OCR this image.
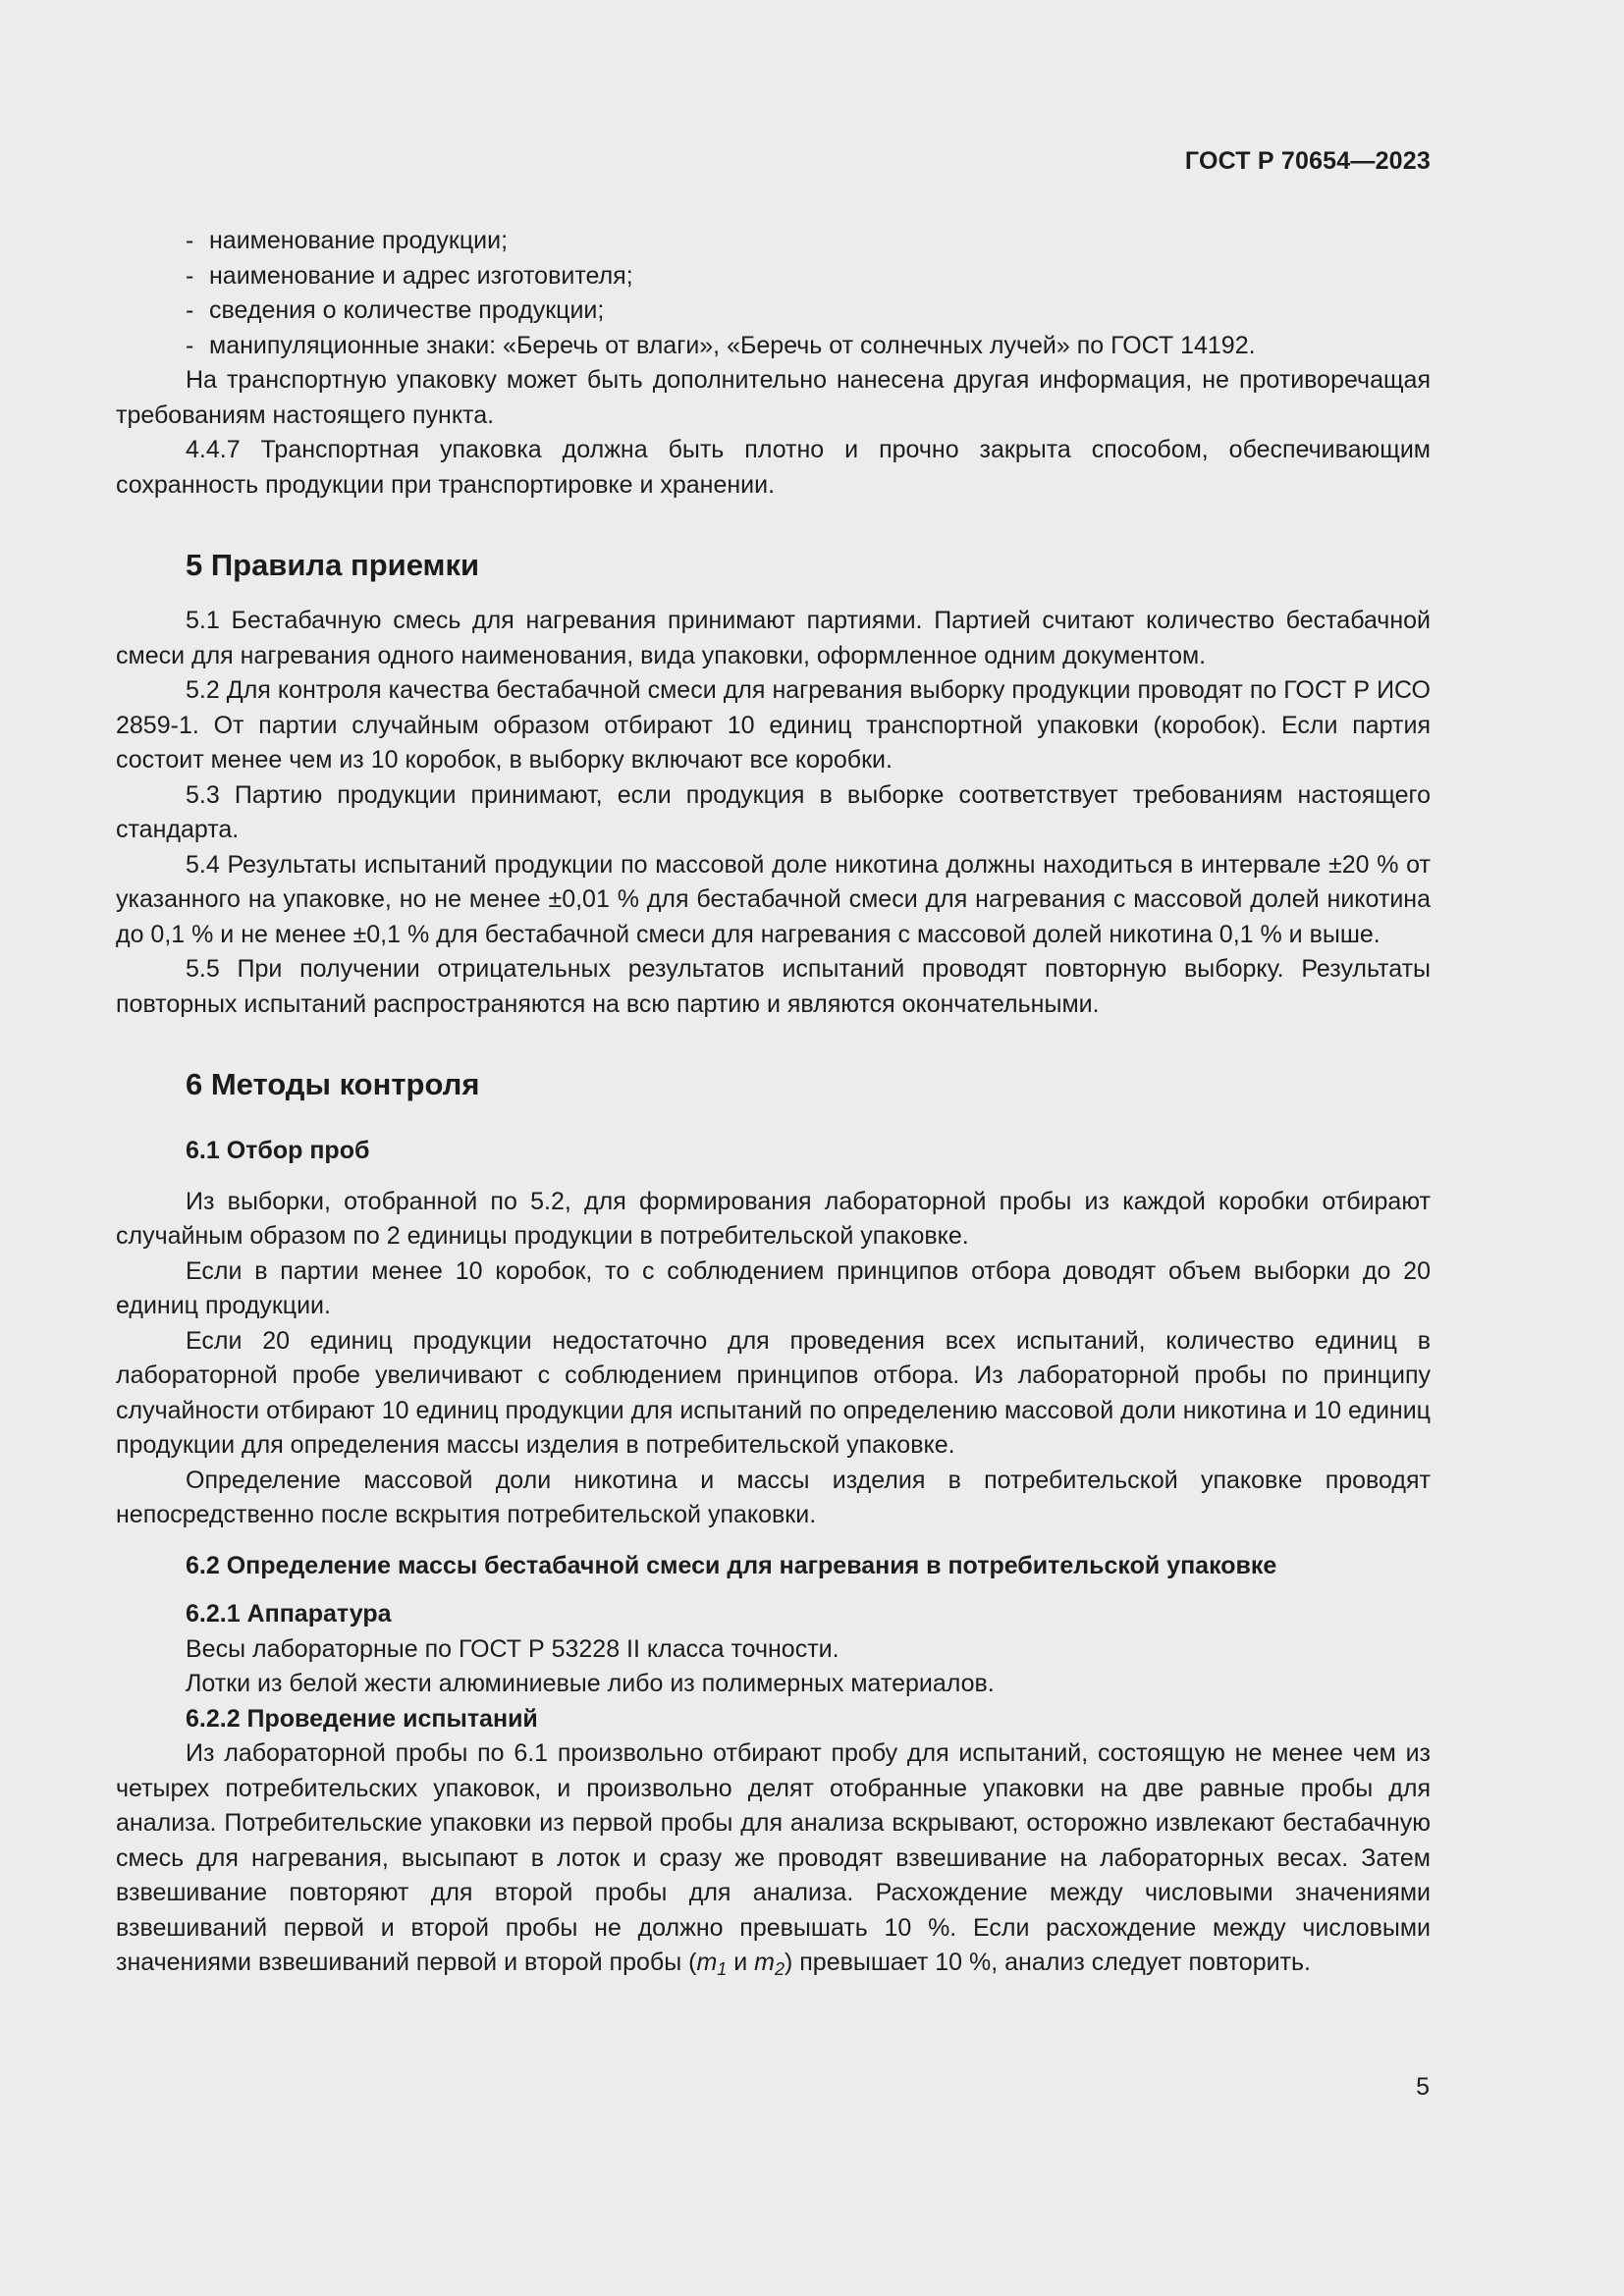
ГОСТ Р 70654—2023
- наименование продукции;
- наименование и адрес изготовителя;
- сведения о количестве продукции;
- манипуляционные знаки: «Беречь от влаги», «Беречь от солнечных лучей» по ГОСТ 14192.

На транспортную упаковку может быть дополнительно нанесена другая информация, не противоречащая требованиям настоящего пункта.

4.4.7 Транспортная упаковка должна быть плотно и прочно закрыта способом, обеспечивающим сохранность продукции при транспортировке и хранении.

5 Правила приемки

5.1 Бестабачную смесь для нагревания принимают партиями. Партией считают количество бестабачной смеси для нагревания одного наименования, вида упаковки, оформленное одним документом.

5.2 Для контроля качества бестабачной смеси для нагревания выборку продукции проводят по ГОСТ Р ИСО 2859-1. От партии случайным образом отбирают 10 единиц транспортной упаковки (коробок). Если партия состоит менее чем из 10 коробок, в выборку включают все коробки.

5.3 Партию продукции принимают, если продукция в выборке соответствует требованиям настоящего стандарта.

5.4 Результаты испытаний продукции по массовой доле никотина должны находиться в интервале ±20 % от указанного на упаковке, но не менее ±0,01 % для бестабачной смеси для нагревания с массовой долей никотина до 0,1 % и не менее ±0,1 % для бестабачной смеси для нагревания с массовой долей никотина 0,1 % и выше.

5.5 При получении отрицательных результатов испытаний проводят повторную выборку. Результаты повторных испытаний распространяются на всю партию и являются окончательными.

6 Методы контроля
6.1 Отбор проб

Из выборки, отобранной по 5.2, для формирования лабораторной пробы из каждой коробки отбирают случайным образом по 2 единицы продукции в потребительской упаковке.

Если в партии менее 10 коробок, то с соблюдением принципов отбора доводят объем выборки до 20 единиц продукции.

Если 20 единиц продукции недостаточно для проведения всех испытаний, количество единиц в лабораторной пробе увеличивают с соблюдением принципов отбора. Из лабораторной пробы по принципу случайности отбирают 10 единиц продукции для испытаний по определению массовой доли никотина и 10 единиц продукции для определения массы изделия в потребительской упаковке.

Определение массовой доли никотина и массы изделия в потребительской упаковке проводят непосредственно после вскрытия потребительской упаковки.

6.2 Определение массы бестабачной смеси для нагревания в потребительской упаковке
6.2.1 Аппаратура
Весы лабораторные по ГОСТ Р 53228 II класса точности.
Лотки из белой жести алюминиевые либо из полимерных материалов.
6.2.2 Проведение испытаний

Из лабораторной пробы по 6.1 произвольно отбирают пробу для испытаний, состоящую не менее чем из четырех потребительских упаковок, и произвольно делят отобранные упаковки на две равные пробы для анализа. Потребительские упаковки из первой пробы для анализа вскрывают, осторожно извлекают бестабачную смесь для нагревания, высыпают в лоток и сразу же проводят взвешивание на лабораторных весах. Затем взвешивание повторяют для второй пробы для анализа. Расхождение между числовыми значениями взвешиваний первой и второй пробы не должно превышать 10 %. Если расхождение между числовыми значениями взвешиваний первой и второй пробы ($m_1$ и $m_2$) превышает 10 %, анализ следует повторить.

5
